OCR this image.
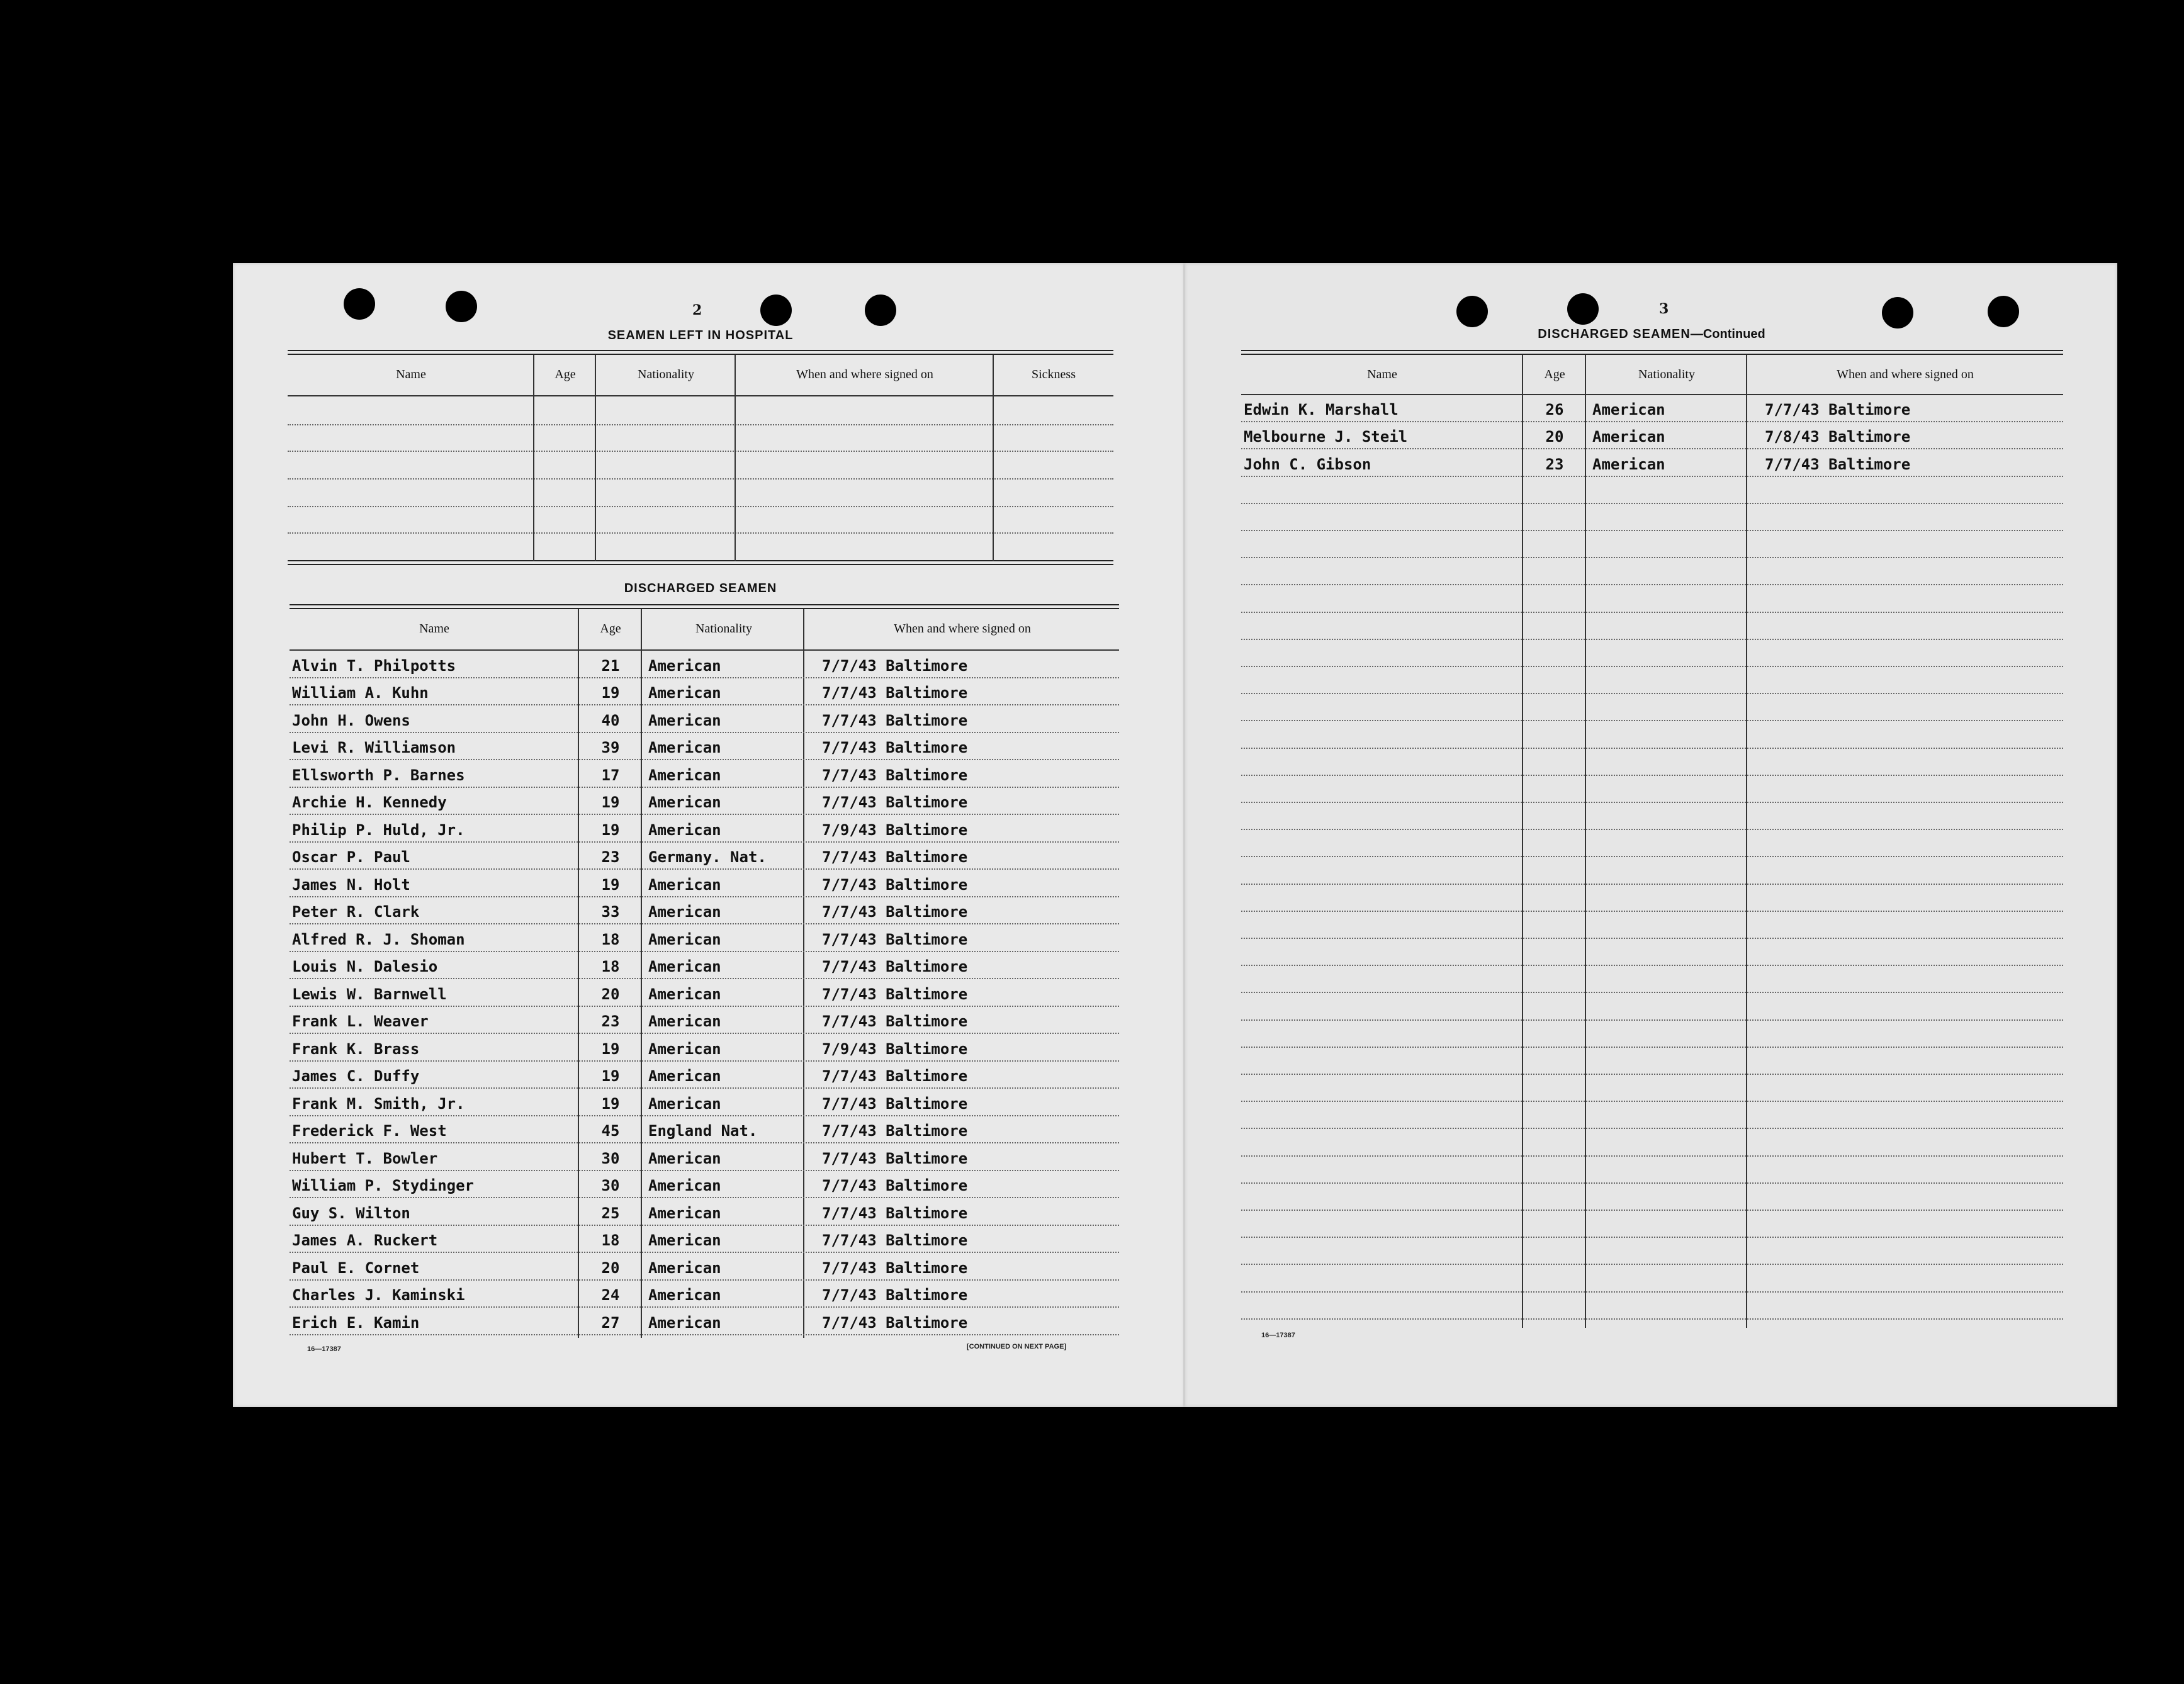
2
SEAMEN LEFT IN HOSPITAL
Name	Age	Nationality	When and where signed on	Sickness
DISCHARGED SEAMEN
Name	Age	Nationality	When and where signed on
Alvin T. Philpotts	21	American	7/7/43 Baltimore
William A. Kuhn	19	American	7/7/43 Baltimore
John H. Owens	40	American	7/7/43 Baltimore
Levi R. Williamson	39	American	7/7/43 Baltimore
Ellsworth P. Barnes	17	American	7/7/43 Baltimore
Archie H. Kennedy	19	American	7/7/43 Baltimore
Philip P. Huld, Jr.	19	American	7/9/43 Baltimore
Oscar P. Paul	23	Germany. Nat.	7/7/43 Baltimore
James N. Holt	19	American	7/7/43 Baltimore
Peter R. Clark	33	American	7/7/43 Baltimore
Alfred R. J. Shoman	18	American	7/7/43 Baltimore
Louis N. Dalesio	18	American	7/7/43 Baltimore
Lewis W. Barnwell	20	American	7/7/43 Baltimore
Frank L. Weaver	23	American	7/7/43 Baltimore
Frank K. Brass	19	American	7/9/43 Baltimore
James C. Duffy	19	American	7/7/43 Baltimore
Frank M. Smith, Jr.	19	American	7/7/43 Baltimore
Frederick F. West	45	England Nat.	7/7/43 Baltimore
Hubert T. Bowler	30	American	7/7/43 Baltimore
William P. Stydinger	30	American	7/7/43 Baltimore
Guy S. Wilton	25	American	7/7/43 Baltimore
James A. Ruckert	18	American	7/7/43 Baltimore
Paul E. Cornet	20	American	7/7/43 Baltimore
Charles J. Kaminski	24	American	7/7/43 Baltimore
Erich E. Kamin	27	American	7/7/43 Baltimore
16—17387	[CONTINUED ON NEXT PAGE]
3
DISCHARGED SEAMEN—Continued
Name	Age	Nationality	When and where signed on
Edwin K. Marshall	26	American	7/7/43 Baltimore
Melbourne J. Steil	20	American	7/8/43 Baltimore
John C. Gibson	23	American	7/7/43 Baltimore
16—17387
